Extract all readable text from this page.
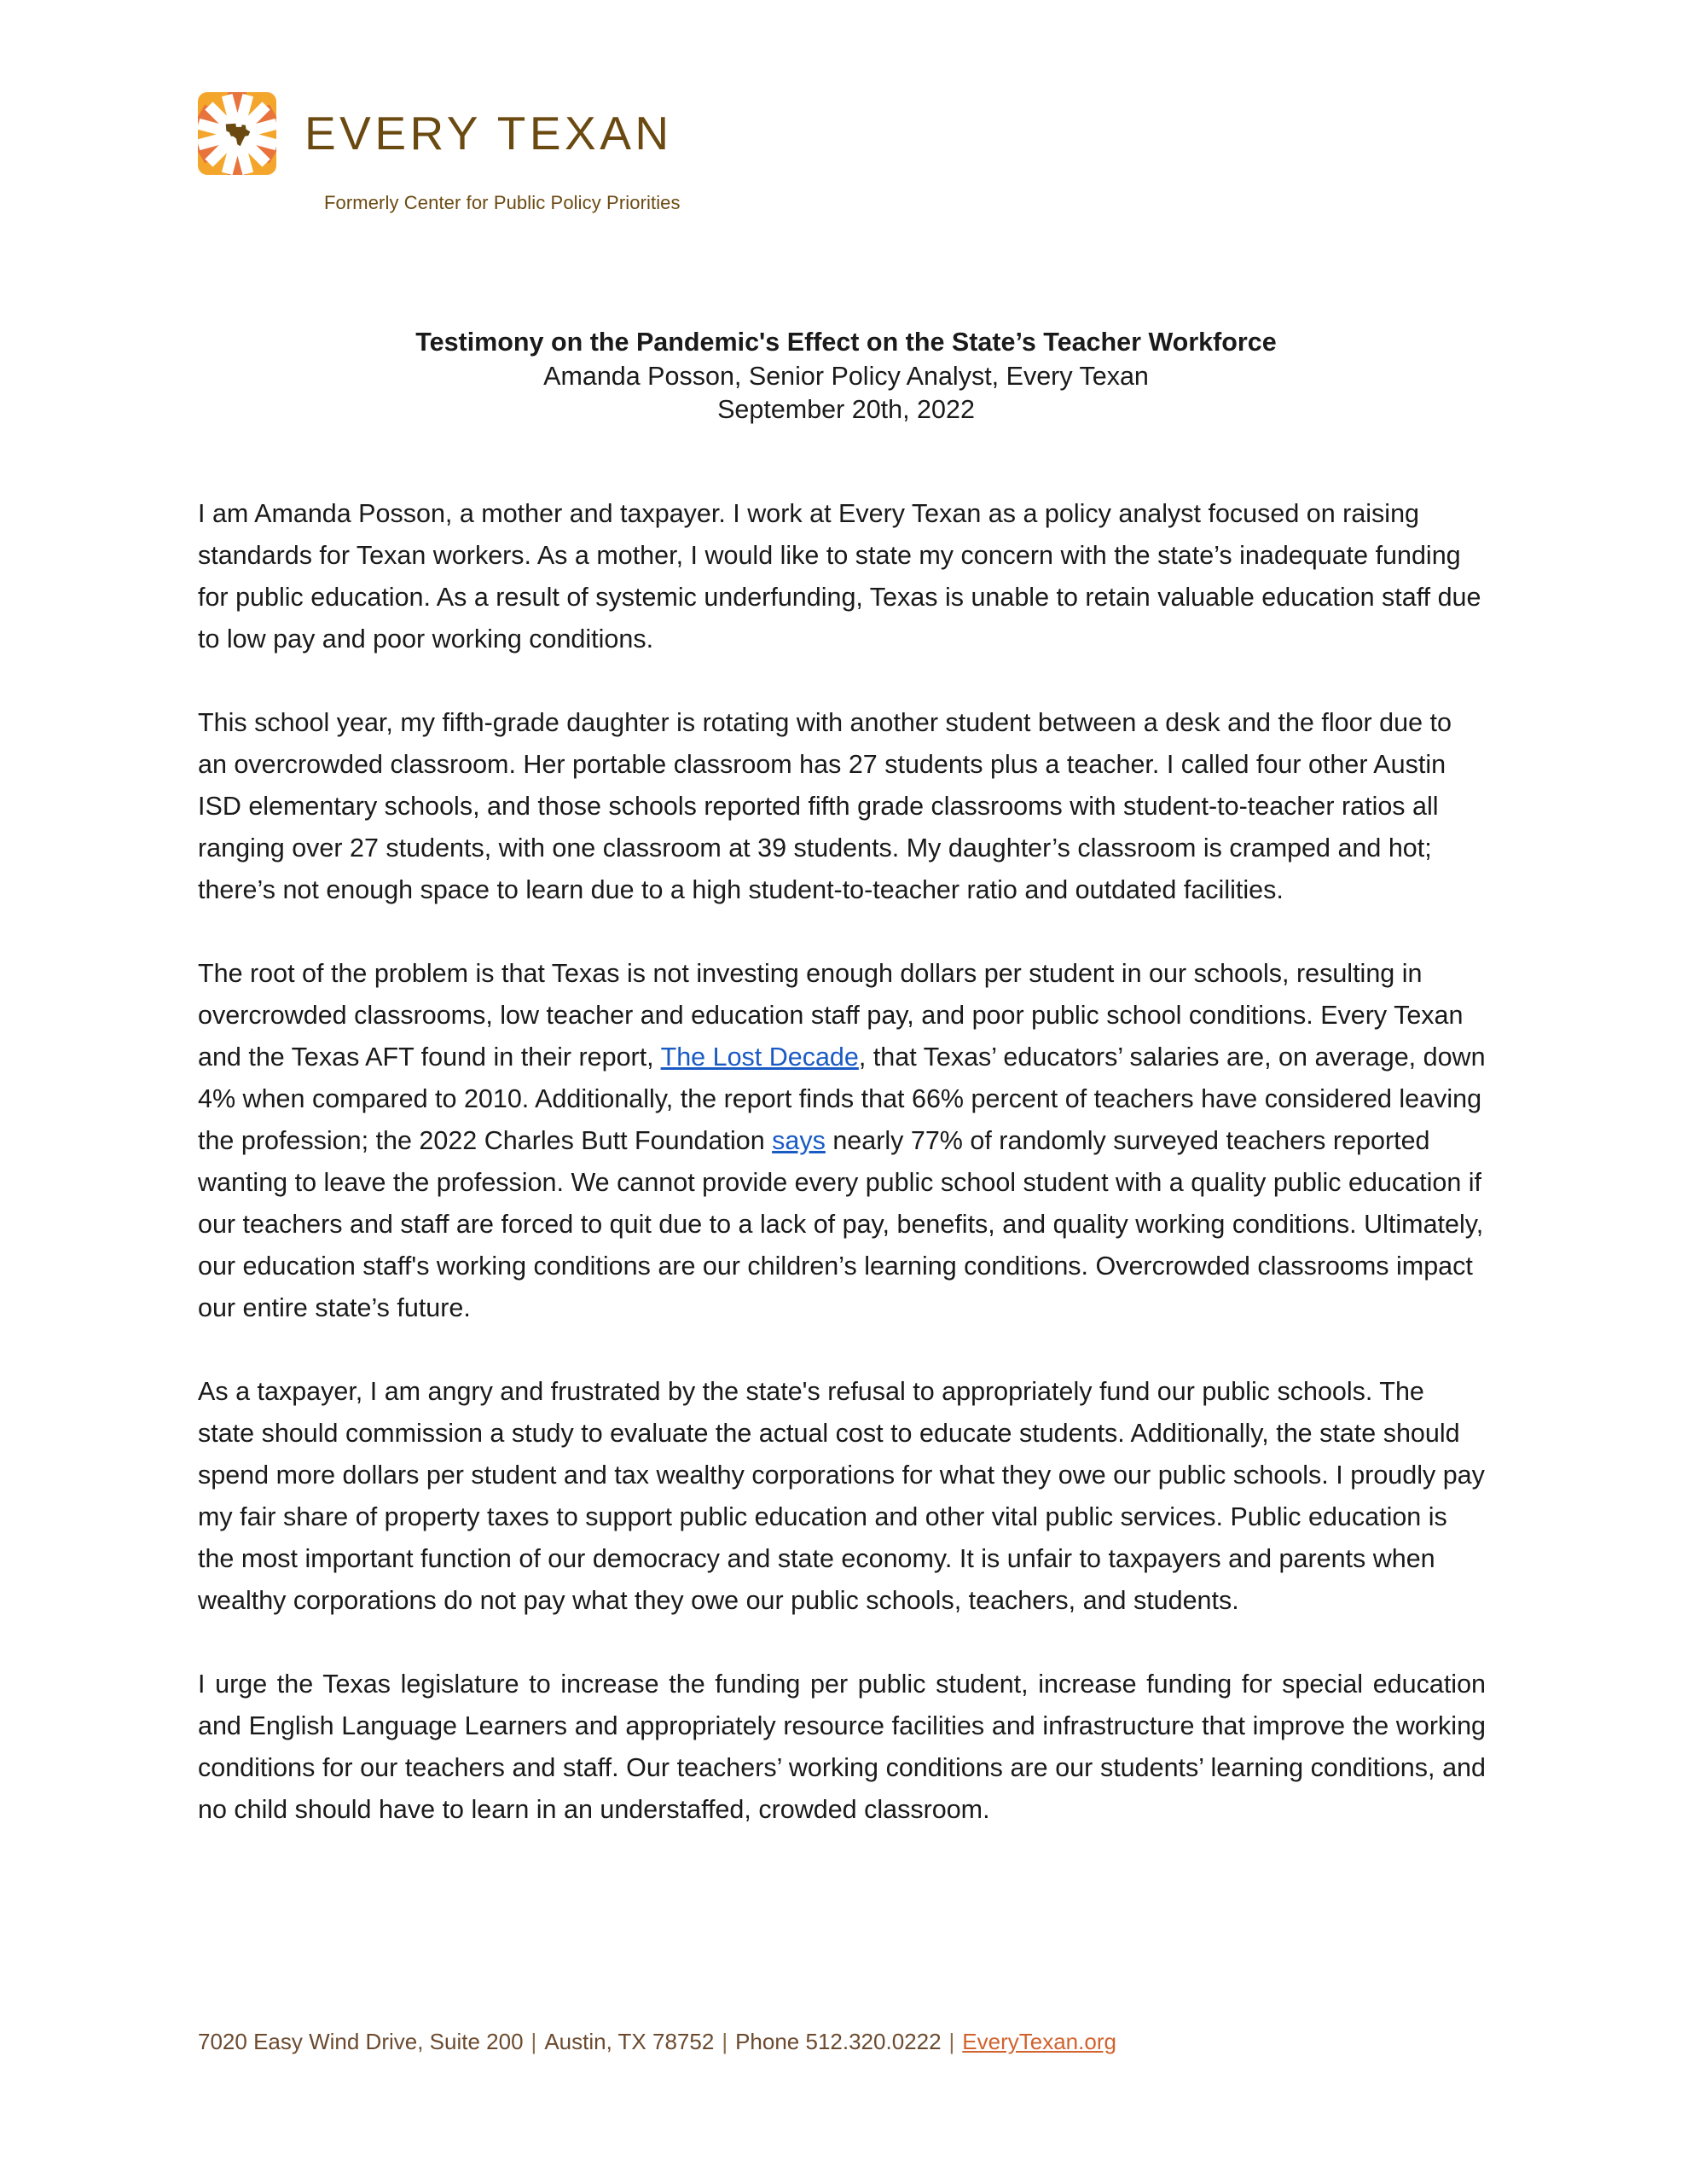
EVERY TEXAN
Formerly Center for Public Policy Priorities
Testimony on the Pandemic's Effect on the State’s Teacher Workforce
Amanda Posson, Senior Policy Analyst, Every Texan
September 20th, 2022

I am Amanda Posson, a mother and taxpayer. I work at Every Texan as a policy analyst focused on raising standards for Texan workers. As a mother, I would like to state my concern with the state’s inadequate funding for public education. As a result of systemic underfunding, Texas is unable to retain valuable education staff due to low pay and poor working conditions.

This school year, my fifth-grade daughter is rotating with another student between a desk and the floor due to an overcrowded classroom. Her portable classroom has 27 students plus a teacher. I called four other Austin ISD elementary schools, and those schools reported fifth grade classrooms with student-to-teacher ratios all ranging over 27 students, with one classroom at 39 students. My daughter’s classroom is cramped and hot; there’s not enough space to learn due to a high student-to-teacher ratio and outdated facilities.

The root of the problem is that Texas is not investing enough dollars per student in our schools, resulting in overcrowded classrooms, low teacher and education staff pay, and poor public school conditions. Every Texan and the Texas AFT found in their report, The Lost Decade, that Texas’ educators’ salaries are, on average, down 4% when compared to 2010. Additionally, the report finds that 66% percent of teachers have considered leaving the profession; the 2022 Charles Butt Foundation says nearly 77% of randomly surveyed teachers reported wanting to leave the profession. We cannot provide every public school student with a quality public education if our teachers and staff are forced to quit due to a lack of pay, benefits, and quality working conditions. Ultimately, our education staff's working conditions are our children’s learning conditions. Overcrowded classrooms impact our entire state’s future.

As a taxpayer, I am angry and frustrated by the state's refusal to appropriately fund our public schools. The state should commission a study to evaluate the actual cost to educate students. Additionally, the state should spend more dollars per student and tax wealthy corporations for what they owe our public schools. I proudly pay my fair share of property taxes to support public education and other vital public services. Public education is the most important function of our democracy and state economy. It is unfair to taxpayers and parents when wealthy corporations do not pay what they owe our public schools, teachers, and students.

I urge the Texas legislature to increase the funding per public student, increase funding for special education and English Language Learners and appropriately resource facilities and infrastructure that improve the working conditions for our teachers and staff. Our teachers’ working conditions are our students’ learning conditions, and no child should have to learn in an understaffed, crowded classroom.

7020 Easy Wind Drive, Suite 200 | Austin, TX 78752 | Phone 512.320.0222 | EveryTexan.org
